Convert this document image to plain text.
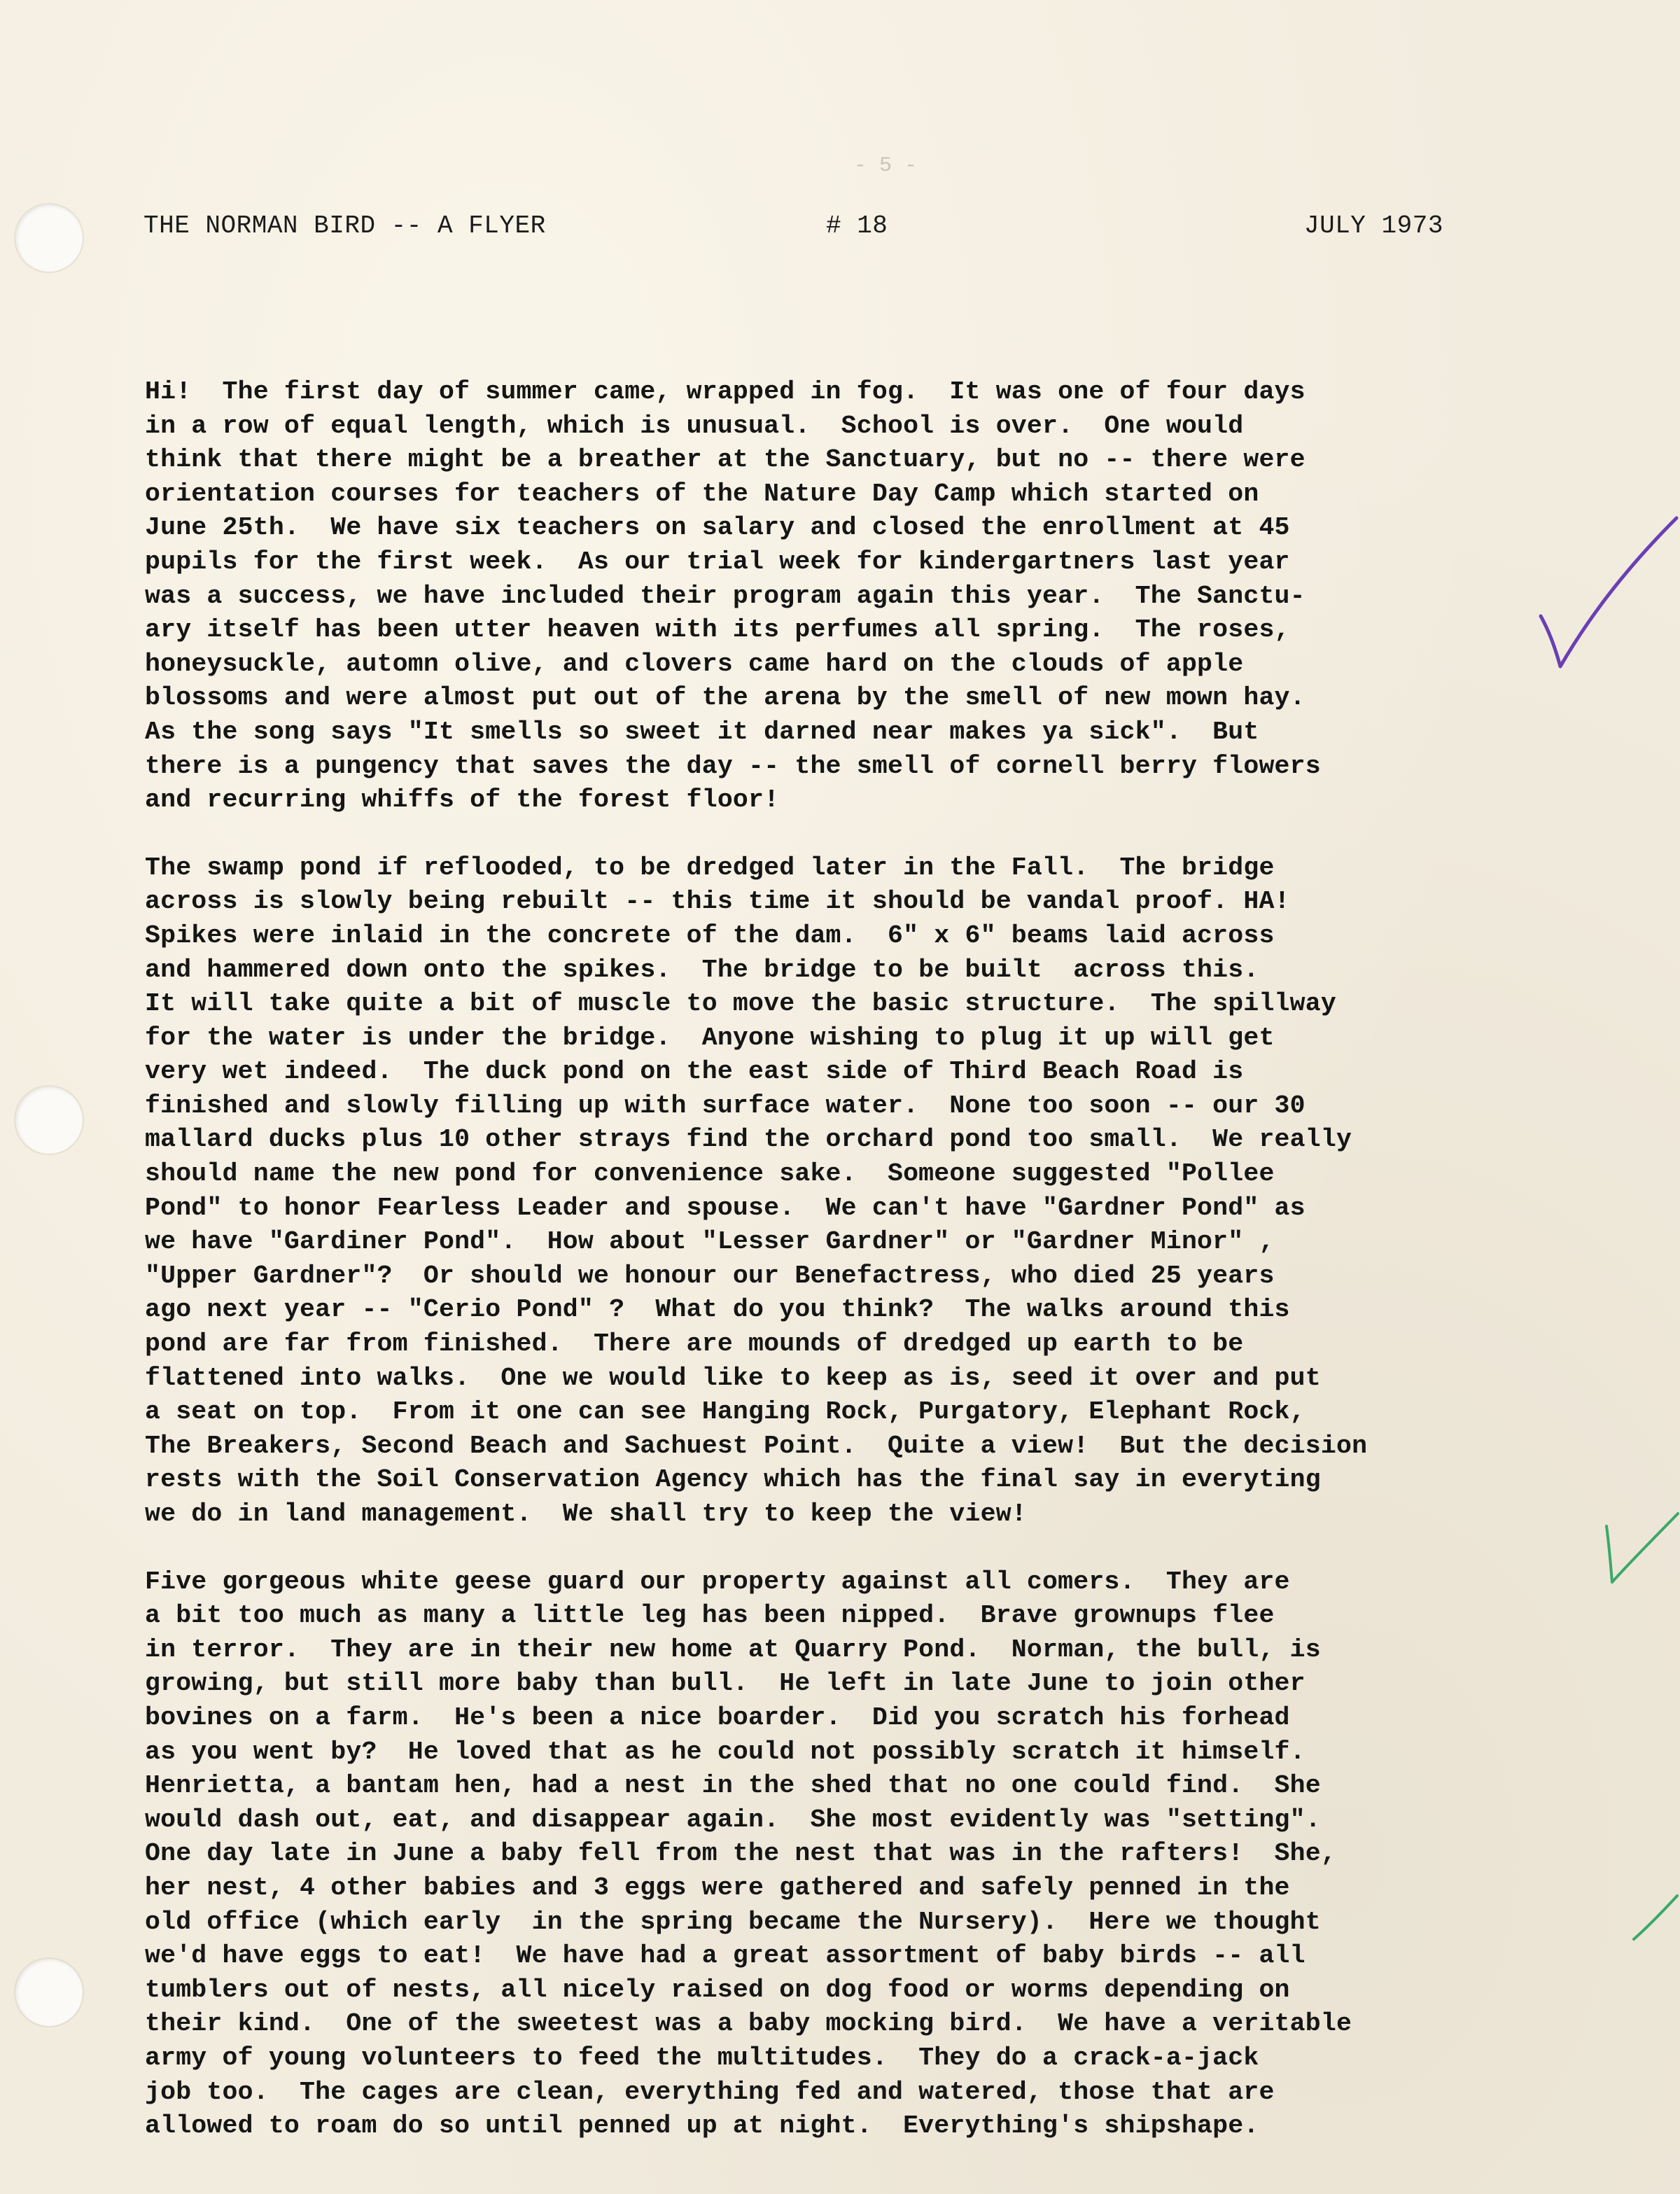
- 5 -
THE NORMAN BIRD -- A FLYER	# 18	JULY 1973
Hi!  The first day of summer came, wrapped in fog.  It was one of four days
in a row of equal length, which is unusual.  School is over.  One would
think that there might be a breather at the Sanctuary, but no -- there were
orientation courses for teachers of the Nature Day Camp which started on
June 25th.  We have six teachers on salary and closed the enrollment at 45
pupils for the first week.  As our trial week for kindergartners last year
was a success, we have included their program again this year.  The Sanctu-
ary itself has been utter heaven with its perfumes all spring.  The roses,
honeysuckle, automn olive, and clovers came hard on the clouds of apple
blossoms and were almost put out of the arena by the smell of new mown hay.
As the song says "It smells so sweet it darned near makes ya sick".  But
there is a pungency that saves the day -- the smell of cornell berry flowers
and recurring whiffs of the forest floor!
The swamp pond if reflooded, to be dredged later in the Fall.  The bridge
across is slowly being rebuilt -- this time it should be vandal proof. HA!
Spikes were inlaid in the concrete of the dam.  6" x 6" beams laid across
and hammered down onto the spikes.  The bridge to be built  across this.
It will take quite a bit of muscle to move the basic structure.  The spillway
for the water is under the bridge.  Anyone wishing to plug it up will get
very wet indeed.  The duck pond on the east side of Third Beach Road is
finished and slowly filling up with surface water.  None too soon -- our 30
mallard ducks plus 10 other strays find the orchard pond too small.  We really
should name the new pond for convenience sake.  Someone suggested "Pollee
Pond" to honor Fearless Leader and spouse.  We can't have "Gardner Pond" as
we have "Gardiner Pond".  How about "Lesser Gardner" or "Gardner Minor" ,
"Upper Gardner"?  Or should we honour our Benefactress, who died 25 years
ago next year -- "Cerio Pond" ?  What do you think?  The walks around this
pond are far from finished.  There are mounds of dredged up earth to be
flattened into walks.  One we would like to keep as is, seed it over and put
a seat on top.  From it one can see Hanging Rock, Purgatory, Elephant Rock,
The Breakers, Second Beach and Sachuest Point.  Quite a view!  But the decision
rests with the Soil Conservation Agency which has the final say in everyting
we do in land management.  We shall try to keep the view!
Five gorgeous white geese guard our property against all comers.  They are
a bit too much as many a little leg has been nipped.  Brave grownups flee
in terror.  They are in their new home at Quarry Pond.  Norman, the bull, is
growing, but still more baby than bull.  He left in late June to join other
bovines on a farm.  He's been a nice boarder.  Did you scratch his forhead
as you went by?  He loved that as he could not possibly scratch it himself.
Henrietta, a bantam hen, had a nest in the shed that no one could find.  She
would dash out, eat, and disappear again.  She most evidently was "setting".
One day late in June a baby fell from the nest that was in the rafters!  She,
her nest, 4 other babies and 3 eggs were gathered and safely penned in the
old office (which early  in the spring became the Nursery).  Here we thought
we'd have eggs to eat!  We have had a great assortment of baby birds -- all
tumblers out of nests, all nicely raised on dog food or worms depending on
their kind.  One of the sweetest was a baby mocking bird.  We have a veritable
army of young volunteers to feed the multitudes.  They do a crack-a-jack
job too.  The cages are clean, everything fed and watered, those that are
allowed to roam do so until penned up at night.  Everything's shipshape.
